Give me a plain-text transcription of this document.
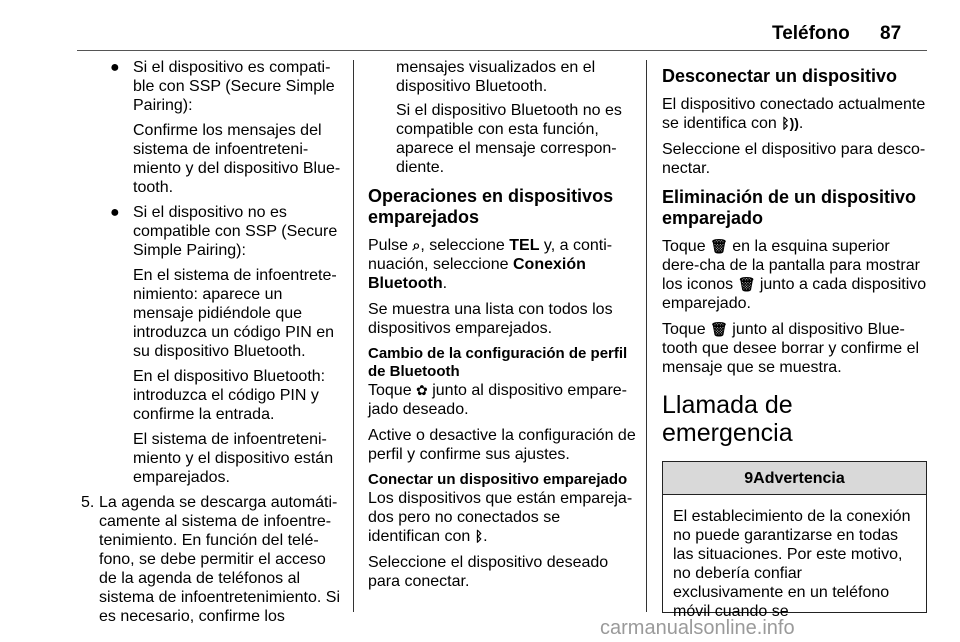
Teléfono 87
● Si el dispositivo es compati-ble con SSP (Secure Simple Pairing):

Confirme los mensajes del sistema de infoentreteni-miento y del dispositivo Blue-tooth.

● Si el dispositivo no es compatible con SSP (Secure Simple Pairing):

En el sistema de infoentrete-nimiento: aparece un mensaje pidiéndole que introduzca un código PIN en su dispositivo Bluetooth.

En el dispositivo Bluetooth: introduzca el código PIN y confirme la entrada.

El sistema de infoentreteni-miento y el dispositivo están emparejados.

5. La agenda se descarga automáti-camente al sistema de infoentre-tenimiento. En función del telé-fono, se debe permitir el acceso de la agenda de teléfonos al sistema de infoentretenimiento. Si es necesario, confirme los

mensajes visualizados en el dispositivo Bluetooth.

Si el dispositivo Bluetooth no es compatible con esta función, aparece el mensaje correspon-diente.

Operaciones en dispositivos emparejados

Pulse ⌕, seleccione TEL y, a conti-nuación, seleccione Conexión Bluetooth.

Se muestra una lista con todos los dispositivos emparejados.

Cambio de la configuración de perfil de Bluetooth

Toque ✿ junto al dispositivo empare-jado deseado.

Active o desactive la configuración de perfil y confirme sus ajustes.

Conectar un dispositivo emparejado

Los dispositivos que están empareja-dos pero no conectados se identifican con ᛒ.

Seleccione el dispositivo deseado para conectar.

Desconectar un dispositivo

El dispositivo conectado actualmente se identifica con ᛒ)).

Seleccione el dispositivo para desco-nectar.

Eliminación de un dispositivo emparejado

Toque 🗑 en la esquina superior dere-cha de la pantalla para mostrar los iconos 🗑 junto a cada dispositivo emparejado.

Toque 🗑 junto al dispositivo Blue-tooth que desee borrar y confirme el mensaje que se muestra.

Llamada de emergencia
9 Advertencia
El establecimiento de la conexión no puede garantizarse en todas las situaciones. Por este motivo, no debería confiar exclusivamente en un teléfono móvil cuando se
carmanualsonline.info
